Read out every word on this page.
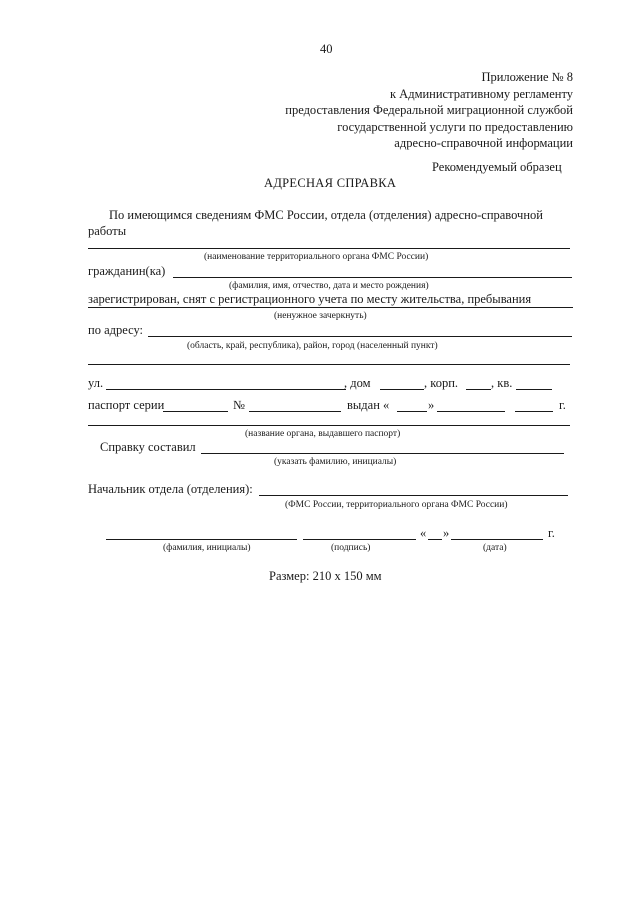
40
Приложение № 8
к Административному регламенту
предоставления Федеральной миграционной службой
государственной услуги по предоставлению
адресно-справочной информации
Рекомендуемый образец
АДРЕСНАЯ СПРАВКА
По имеющимся сведениям ФМС России, отдела (отделения) адресно-справочной
работы
(наименование территориального органа ФМС России)
гражданин(ка)
(фамилия, имя, отчество, дата и место рождения)
зарегистрирован, снят с регистрационного учета по месту жительства, пребывания
(ненужное зачеркнуть)
по адресу:
(область, край, республика), район, город (населенный пункт)
ул.	, дом	, корп.	, кв.
паспорт серии	№	выдан «	»	г.
(название органа, выдавшего паспорт)
Справку составил
(указать фамилию, инициалы)
Начальник отдела (отделения):
(ФМС России, территориального органа ФМС России)
« »	г.
(фамилия, инициалы)	(подпись)	(дата)
Размер: 210 х 150 мм
